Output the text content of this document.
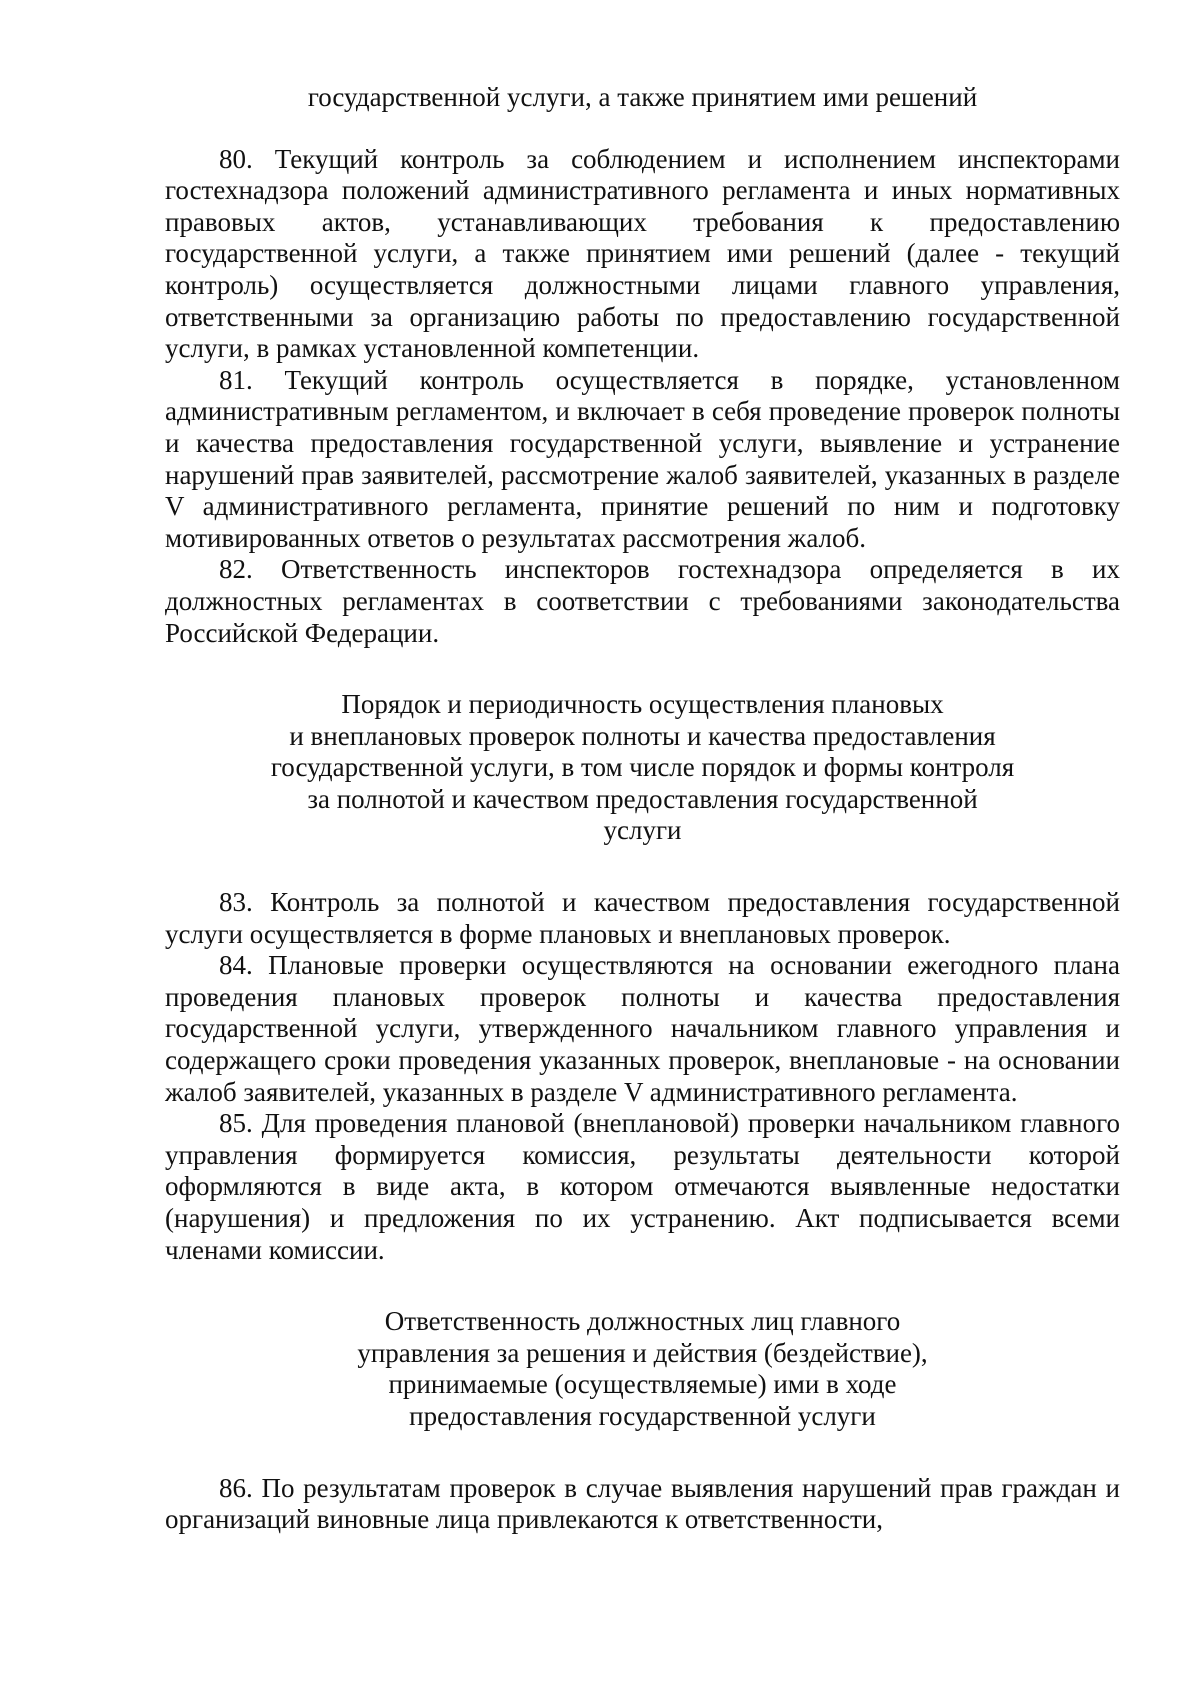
государственной услуги, а также принятием ими решений

80. Текущий контроль за соблюдением и исполнением инспекторами гостехнадзора положений административного регламента и иных нормативных правовых актов, устанавливающих требования к предоставлению государственной услуги, а также принятием ими решений (далее - текущий контроль) осуществляется должностными лицами главного управления, ответственными за организацию работы по предоставлению государственной услуги, в рамках установленной компетенции.

81. Текущий контроль осуществляется в порядке, установленном административным регламентом, и включает в себя проведение проверок полноты и качества предоставления государственной услуги, выявление и устранение нарушений прав заявителей, рассмотрение жалоб заявителей, указанных в разделе V административного регламента, принятие решений по ним и подготовку мотивированных ответов о результатах рассмотрения жалоб.

82. Ответственность инспекторов гостехнадзора определяется в их должностных регламентах в соответствии с требованиями законодательства Российской Федерации.

Порядок и периодичность осуществления плановых
и внеплановых проверок полноты и качества предоставления
государственной услуги, в том числе порядок и формы контроля
за полнотой и качеством предоставления государственной
услуги

83. Контроль за полнотой и качеством предоставления государственной услуги осуществляется в форме плановых и внеплановых проверок.

84. Плановые проверки осуществляются на основании ежегодного плана проведения плановых проверок полноты и качества предоставления государственной услуги, утвержденного начальником главного управления и содержащего сроки проведения указанных проверок, внеплановые - на основании жалоб заявителей, указанных в разделе V административного регламента.

85. Для проведения плановой (внеплановой) проверки начальником главного управления формируется комиссия, результаты деятельности которой оформляются в виде акта, в котором отмечаются выявленные недостатки (нарушения) и предложения по их устранению. Акт подписывается всеми членами комиссии.

Ответственность должностных лиц главного
управления за решения и действия (бездействие),
принимаемые (осуществляемые) ими в ходе
предоставления государственной услуги

86. По результатам проверок в случае выявления нарушений прав граждан и организаций виновные лица привлекаются к ответственности,
